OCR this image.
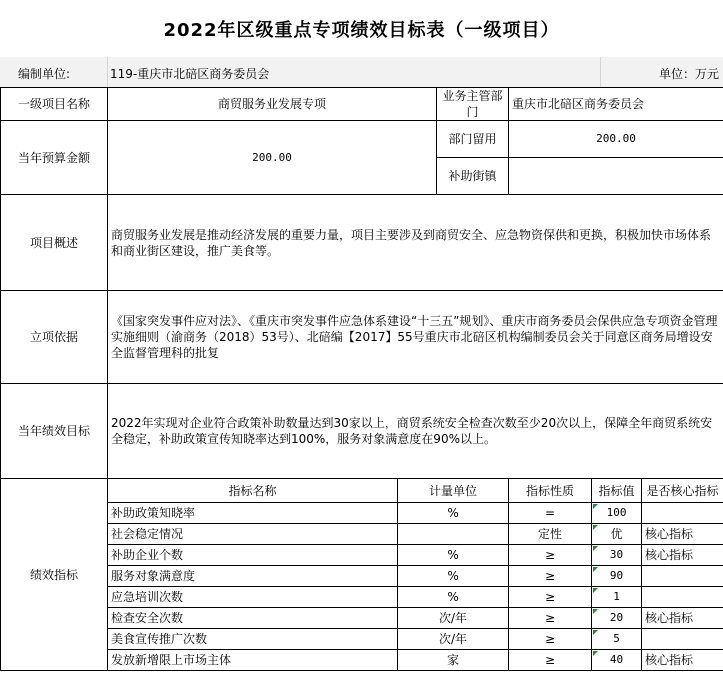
2022年区级重点专项绩效目标表（一级项目）
编制单位:	119-重庆市北碚区商务委员会	单位：万元
一级项目名称	商贸服务业发展专项		业务主管部门	重庆市北碚区商务委员会		
当年预算金额	200.00		部门留用	200.00		
			补助街镇			
项目概述	商贸服务业发展是推动经济发展的重要力量，项目主要涉及到商贸安全、应急物资保供和更换，积极加快市场体系和商业街区建设，推广美食等。					
立项依据	《国家突发事件应对法》、《重庆市突发事件应急体系建设“十三五”规划》、重庆市商务委员会保供应急专项资金管理实施细则（渝商务（2018）53号）、北碚编【2017】55号重庆市北碚区机构编制委员会关于同意区商务局增设安全监督管理科的批复					
当年绩效目标	2022年实现对企业符合政策补助数量达到30家以上，商贸系统安全检查次数至少20次以上，保障全年商贸系统安全稳定，补助政策宣传知晓率达到100%，服务对象满意度在90%以上。					
绩效指标	指标名称	计量单位		指标性质	指标值	是否核心指标
	补助政策知晓率	%		=	100	
	社会稳定情况			定性	优	核心指标
	补助企业个数	%		≥	30	核心指标
	服务对象满意度	%		≥	90	
	应急培训次数	%		≥	1	
	检查安全次数	次/年		≥	20	核心指标
	美食宣传推广次数	次/年		≥	5	
	发放新增限上市场主体	家		≥	40	核心指标
